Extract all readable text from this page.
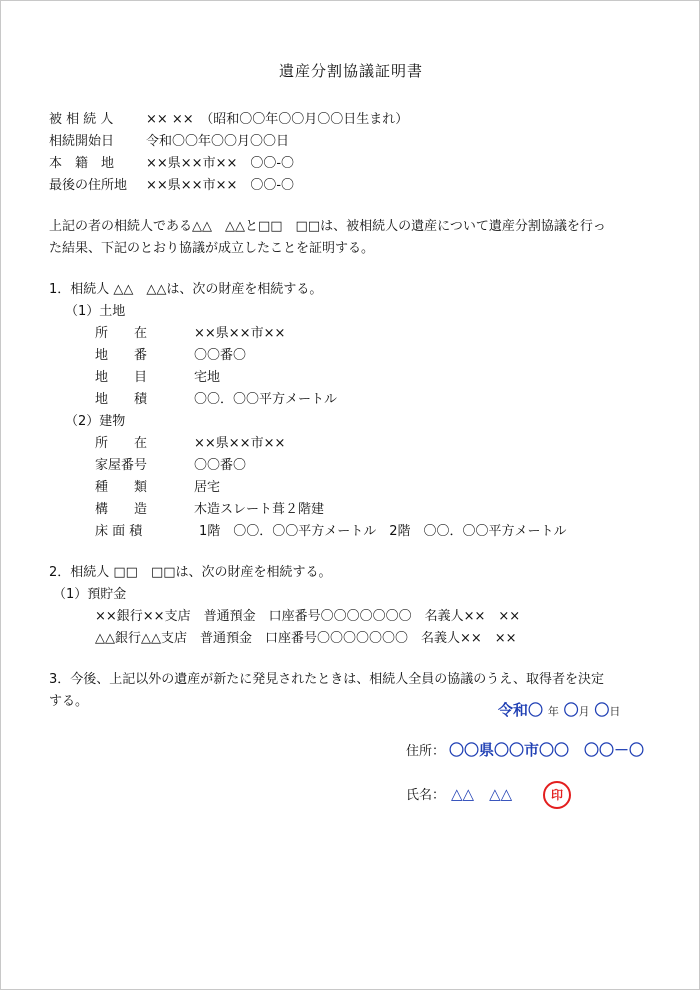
遺産分割協議証明書
被 相 続 人	×× ××　（昭和〇〇年〇〇月〇〇日生まれ）
相続開始日 令和〇〇年〇〇月〇〇日
本　籍　地 ××県××市××　〇〇-〇
最後の住所地 ××県××市××　〇〇-〇
上記の者の相続人である△△　△△と□□　□□は、被相続人の遺産について遺産分割協議を行っ
た結果、下記のとおり協議が成立したことを証明する。
1．相続人 △△　△△は、次の財産を相続する。
（1）土地
所　　在	××県××市××
地　　番	〇〇番〇
地　　目	宅地
地　　積	〇〇．〇〇平方メートル
（2）建物
所　　在	××県××市××
家屋番号	〇〇番〇
種　　類	居宅
構　　造	木造スレート葺２階建
床 面 積	1階　〇〇．〇〇平方メートル　2階　〇〇．〇〇平方メートル
2．相続人 □□　□□は、次の財産を相続する。
（1）預貯金
××銀行××支店　普通預金　口座番号〇〇〇〇〇〇〇　名義人××　××
△△銀行△△支店　普通預金　口座番号〇〇〇〇〇〇〇　名義人××　××
3．今後、上記以外の遺産が新たに発見されたときは、相続人全員の協議のうえ、取得者を決定
する。	令和〇 年 〇月 〇日
住所： 〇〇県〇〇市〇〇　〇〇－〇
氏名： △△　△△	印
